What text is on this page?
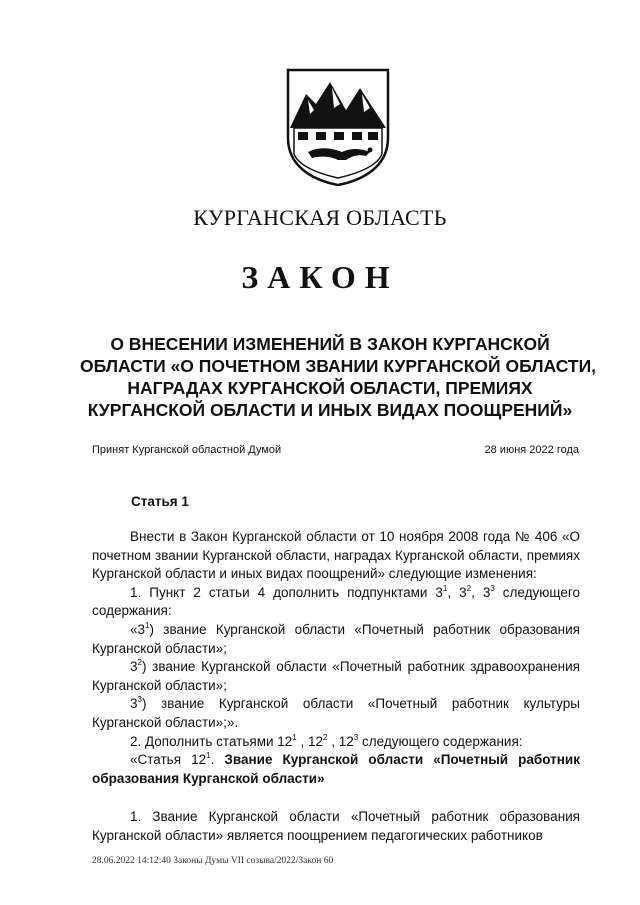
КУРГАНСКАЯ ОБЛАСТЬ
ЗАКОН
О ВНЕСЕНИИ ИЗМЕНЕНИЙ В ЗАКОН КУРГАНСКОЙ
ОБЛАСТИ «О ПОЧЕТНОМ ЗВАНИИ КУРГАНСКОЙ ОБЛАСТИ,
НАГРАДАХ КУРГАНСКОЙ ОБЛАСТИ, ПРЕМИЯХ
КУРГАНСКОЙ ОБЛАСТИ И ИНЫХ ВИДАХ ПООЩРЕНИЙ»
Принят Курганской областной Думой	28 июня 2022 года
Статья 1

Внести в Закон Курганской области от 10 ноября 2008 года № 406 «О почетном звании Курганской области, наградах Курганской области, премиях Курганской области и иных видах поощрений» следующие изменения:

1. Пункт 2 статьи 4 дополнить подпунктами $3^1$, $3^2$, $3^3$ следующего содержания:

«$3^1$) звание Курганской области «Почетный работник образования Курганской области»;

$3^2$) звание Курганской области «Почетный работник здравоохранения Курганской области»;

$3^3$) звание Курганской области «Почетный работник культуры Курганской области»;».

2. Дополнить статьями $12^1$ , $12^2$ , $12^3$ следующего содержания:

«Статья $12^1$. Звание Курганской области «Почетный работник образования Курганской области»

1. Звание Курганской области «Почетный работник образования Курганской области» является поощрением педагогических работников

28.06.2022 14:12:40 Законы Думы VII созыва/2022/Закон 60
